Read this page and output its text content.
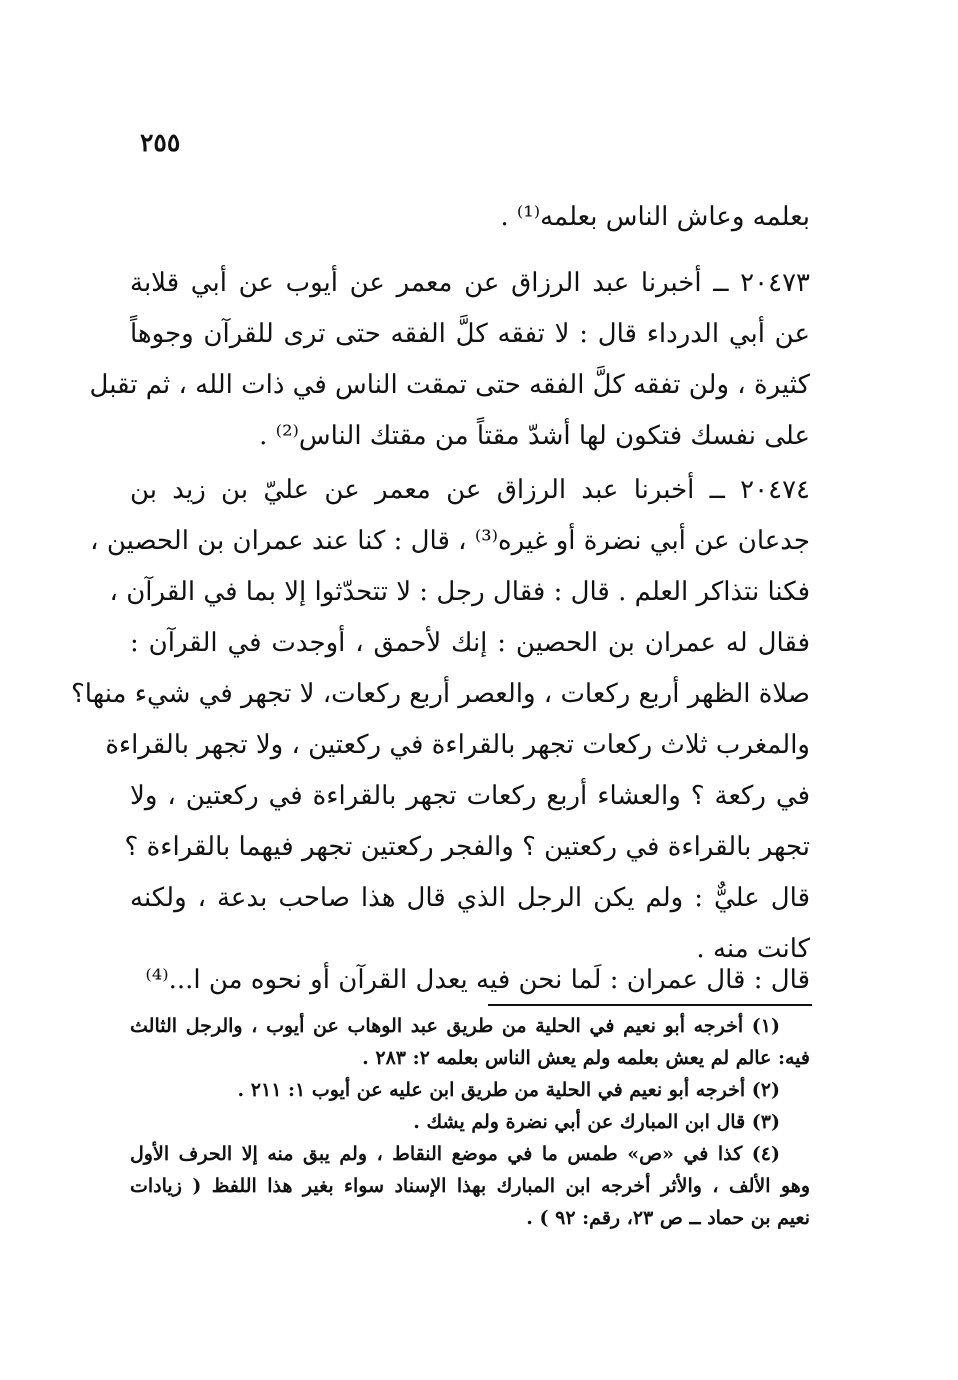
٢٥٥
بعلمه وعاش الناس بعلمه⁽¹⁾ .
٢٠٤٧٣ ــ أخبرنا عبد الرزاق عن معمر عن أيوب عن أبي قلابة
عن أبي الدرداء قال : لا تفقه كلَّ الفقه حتى ترى للقرآن وجوهاً
كثيرة ، ولن تفقه كلَّ الفقه حتى تمقت الناس في ذات الله ، ثم تقبل
على نفسك فتكون لها أشدّ مقتاً من مقتك الناس⁽²⁾ .
٢٠٤٧٤ ــ أخبرنا عبد الرزاق عن معمر عن عليّ بن زيد بن
جدعان عن أبي نضرة أو غيره⁽³⁾ ، قال : كنا عند عمران بن الحصين ،
فكنا نتذاكر العلم . قال : فقال رجل : لا تتحدّثوا إلا بما في القرآن ،
فقال له عمران بن الحصين : إنك لأحمق ، أوجدت في القرآن :
صلاة الظهر أربع ركعات ، والعصر أربع ركعات، لا تجهر في شيء منها؟
والمغرب ثلاث ركعات تجهر بالقراءة في ركعتين ، ولا تجهر بالقراءة
في ركعة ؟ والعشاء أربع ركعات تجهر بالقراءة في ركعتين ، ولا
تجهر بالقراءة في ركعتين ؟ والفجر ركعتين تجهر فيهما بالقراءة ؟
قال عليٌّ : ولم يكن الرجل الذي قال هذا صاحب بدعة ، ولكنه
كانت منه .
قال : قال عمران : لَما نحن فيه يعدل القرآن أو نحوه من ا...⁽⁴⁾
(١) أخرجه أبو نعيم في الحلية من طريق عبد الوهاب عن أيوب ، والرجل الثالث
فيه: عالم لم يعش بعلمه ولم يعش الناس بعلمه ٢: ٢٨٣ .
(٢) أخرجه أبو نعيم في الحلية من طريق ابن عليه عن أيوب ١: ٢١١ .
(٣) قال ابن المبارك عن أبي نضرة ولم يشك .
(٤) كذا في «ص» طمس ما في موضع النقاط ، ولم يبق منه إلا الحرف الأول
وهو الألف ، والأثر أخرجه ابن المبارك بهذا الإسناد سواء بغير هذا اللفظ ( زيادات
نعيم بن حماد ــ ص ٢٣، رقم: ٩٢ ) .
